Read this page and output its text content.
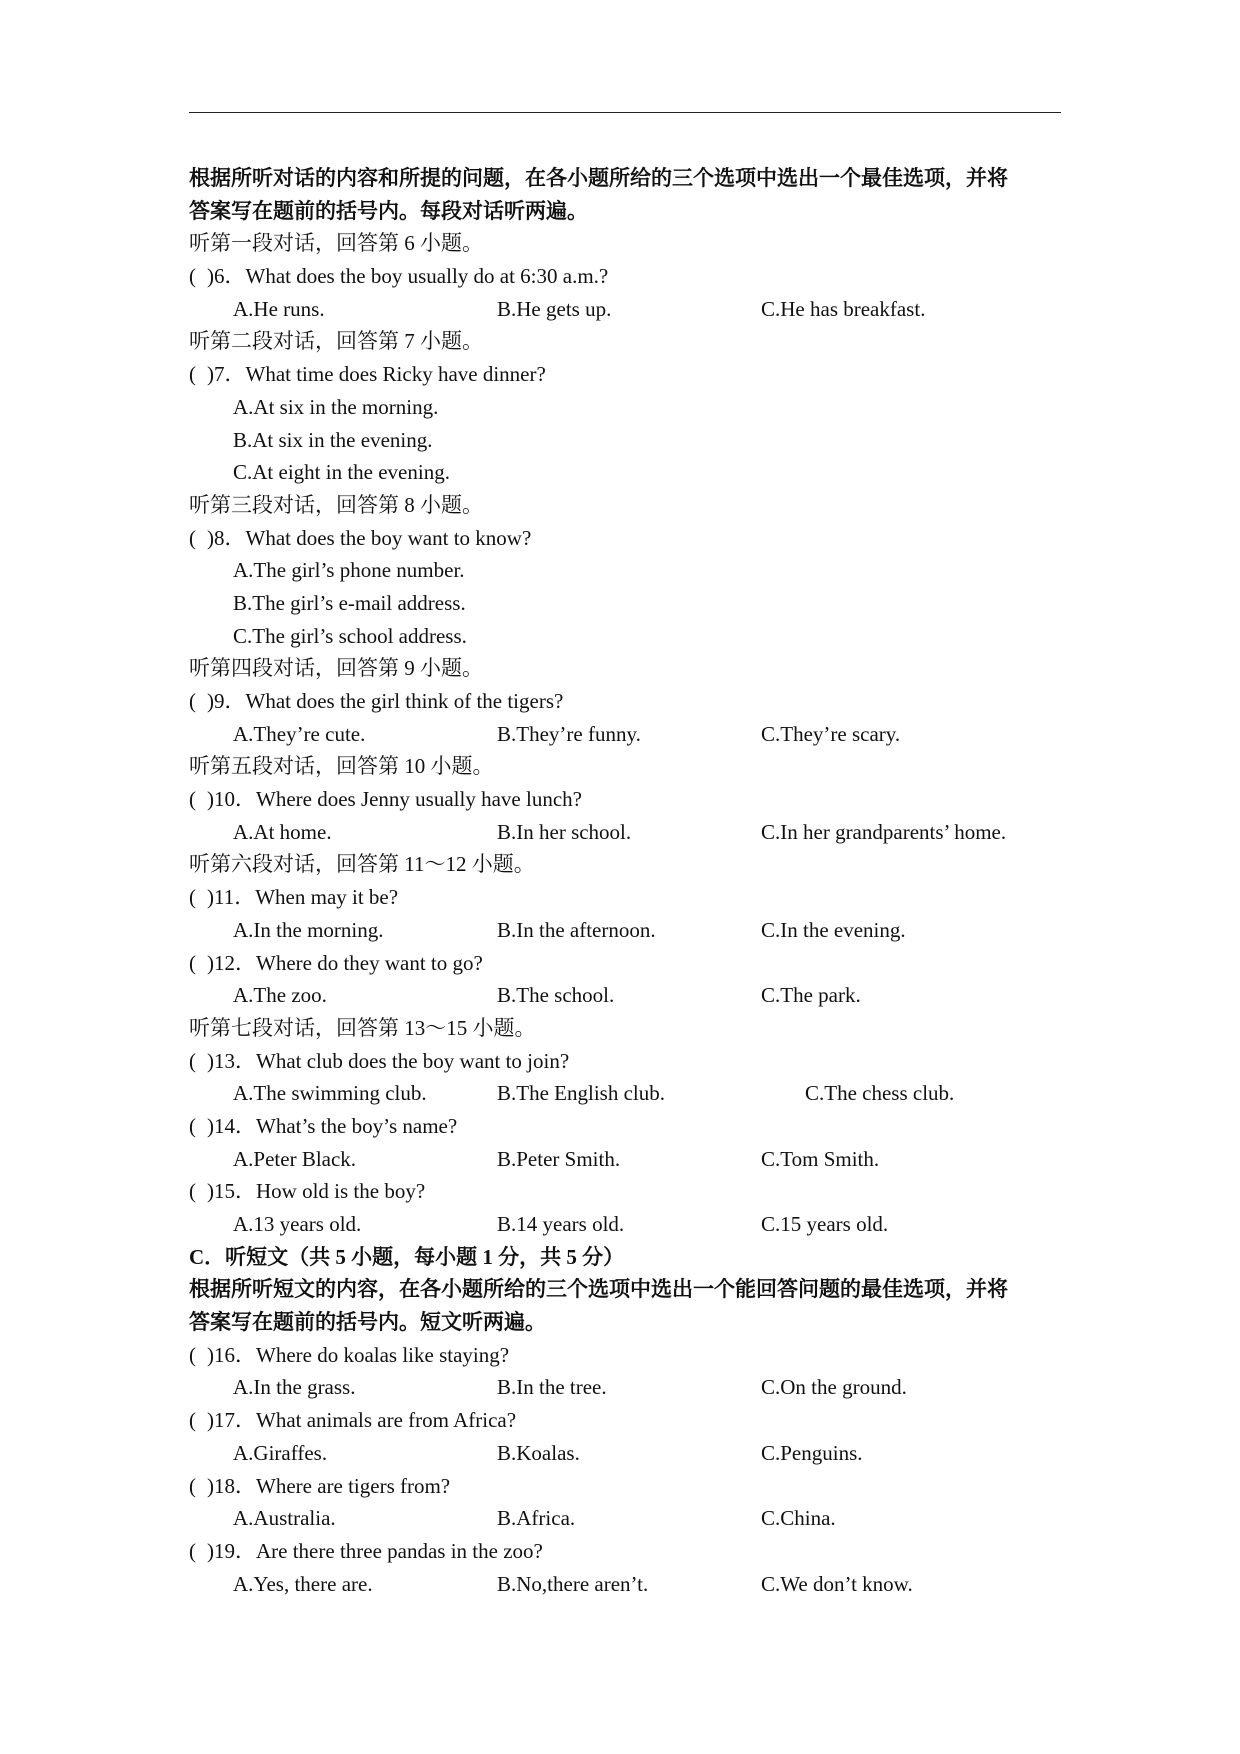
根据所听对话的内容和所提的问题，在各小题所给的三个选项中选出一个最佳选项，并将
答案写在题前的括号内。每段对话听两遍。
听第一段对话，回答第 6 小题。
( )6．What does the boy usually do at 6:30 a.m.?
A.He runs.	B.He gets up.	C.He has breakfast.
听第二段对话，回答第 7 小题。
( )7．What time does Ricky have dinner?
A.At six in the morning.
B.At six in the evening.
C.At eight in the evening.
听第三段对话，回答第 8 小题。
( )8．What does the boy want to know?
A.The girl’s phone number.
B.The girl’s e-mail address.
C.The girl’s school address.
听第四段对话，回答第 9 小题。
( )9．What does the girl think of the tigers?
A.They’re cute.	B.They’re funny.	C.They’re scary.
听第五段对话，回答第 10 小题。
( )10．Where does Jenny usually have lunch?
A.At home.	B.In her school.	C.In her grandparents’ home.
听第六段对话，回答第 11～12 小题。
( )11．When may it be?
A.In the morning.	B.In the afternoon.	C.In the evening.
( )12．Where do they want to go?
A.The zoo.	B.The school.	C.The park.
听第七段对话，回答第 13～15 小题。
( )13．What club does the boy want to join?
A.The swimming club.	B.The English club.	C.The chess club.
( )14．What’s the boy’s name?
A.Peter Black.	B.Peter Smith.	C.Tom Smith.
( )15．How old is the boy?
A.13 years old.	B.14 years old.	C.15 years old.
C．听短文（共 5 小题，每小题 1 分，共 5 分）
根据所听短文的内容，在各小题所给的三个选项中选出一个能回答问题的最佳选项，并将
答案写在题前的括号内。短文听两遍。
( )16．Where do koalas like staying?
A.In the grass.	B.In the tree.	C.On the ground.
( )17．What animals are from Africa?
A.Giraffes.	B.Koalas.	C.Penguins.
( )18．Where are tigers from?
A.Australia.	B.Africa.	C.China.
( )19．Are there three pandas in the zoo?
A.Yes, there are.	B.No,there aren’t.	C.We don’t know.
